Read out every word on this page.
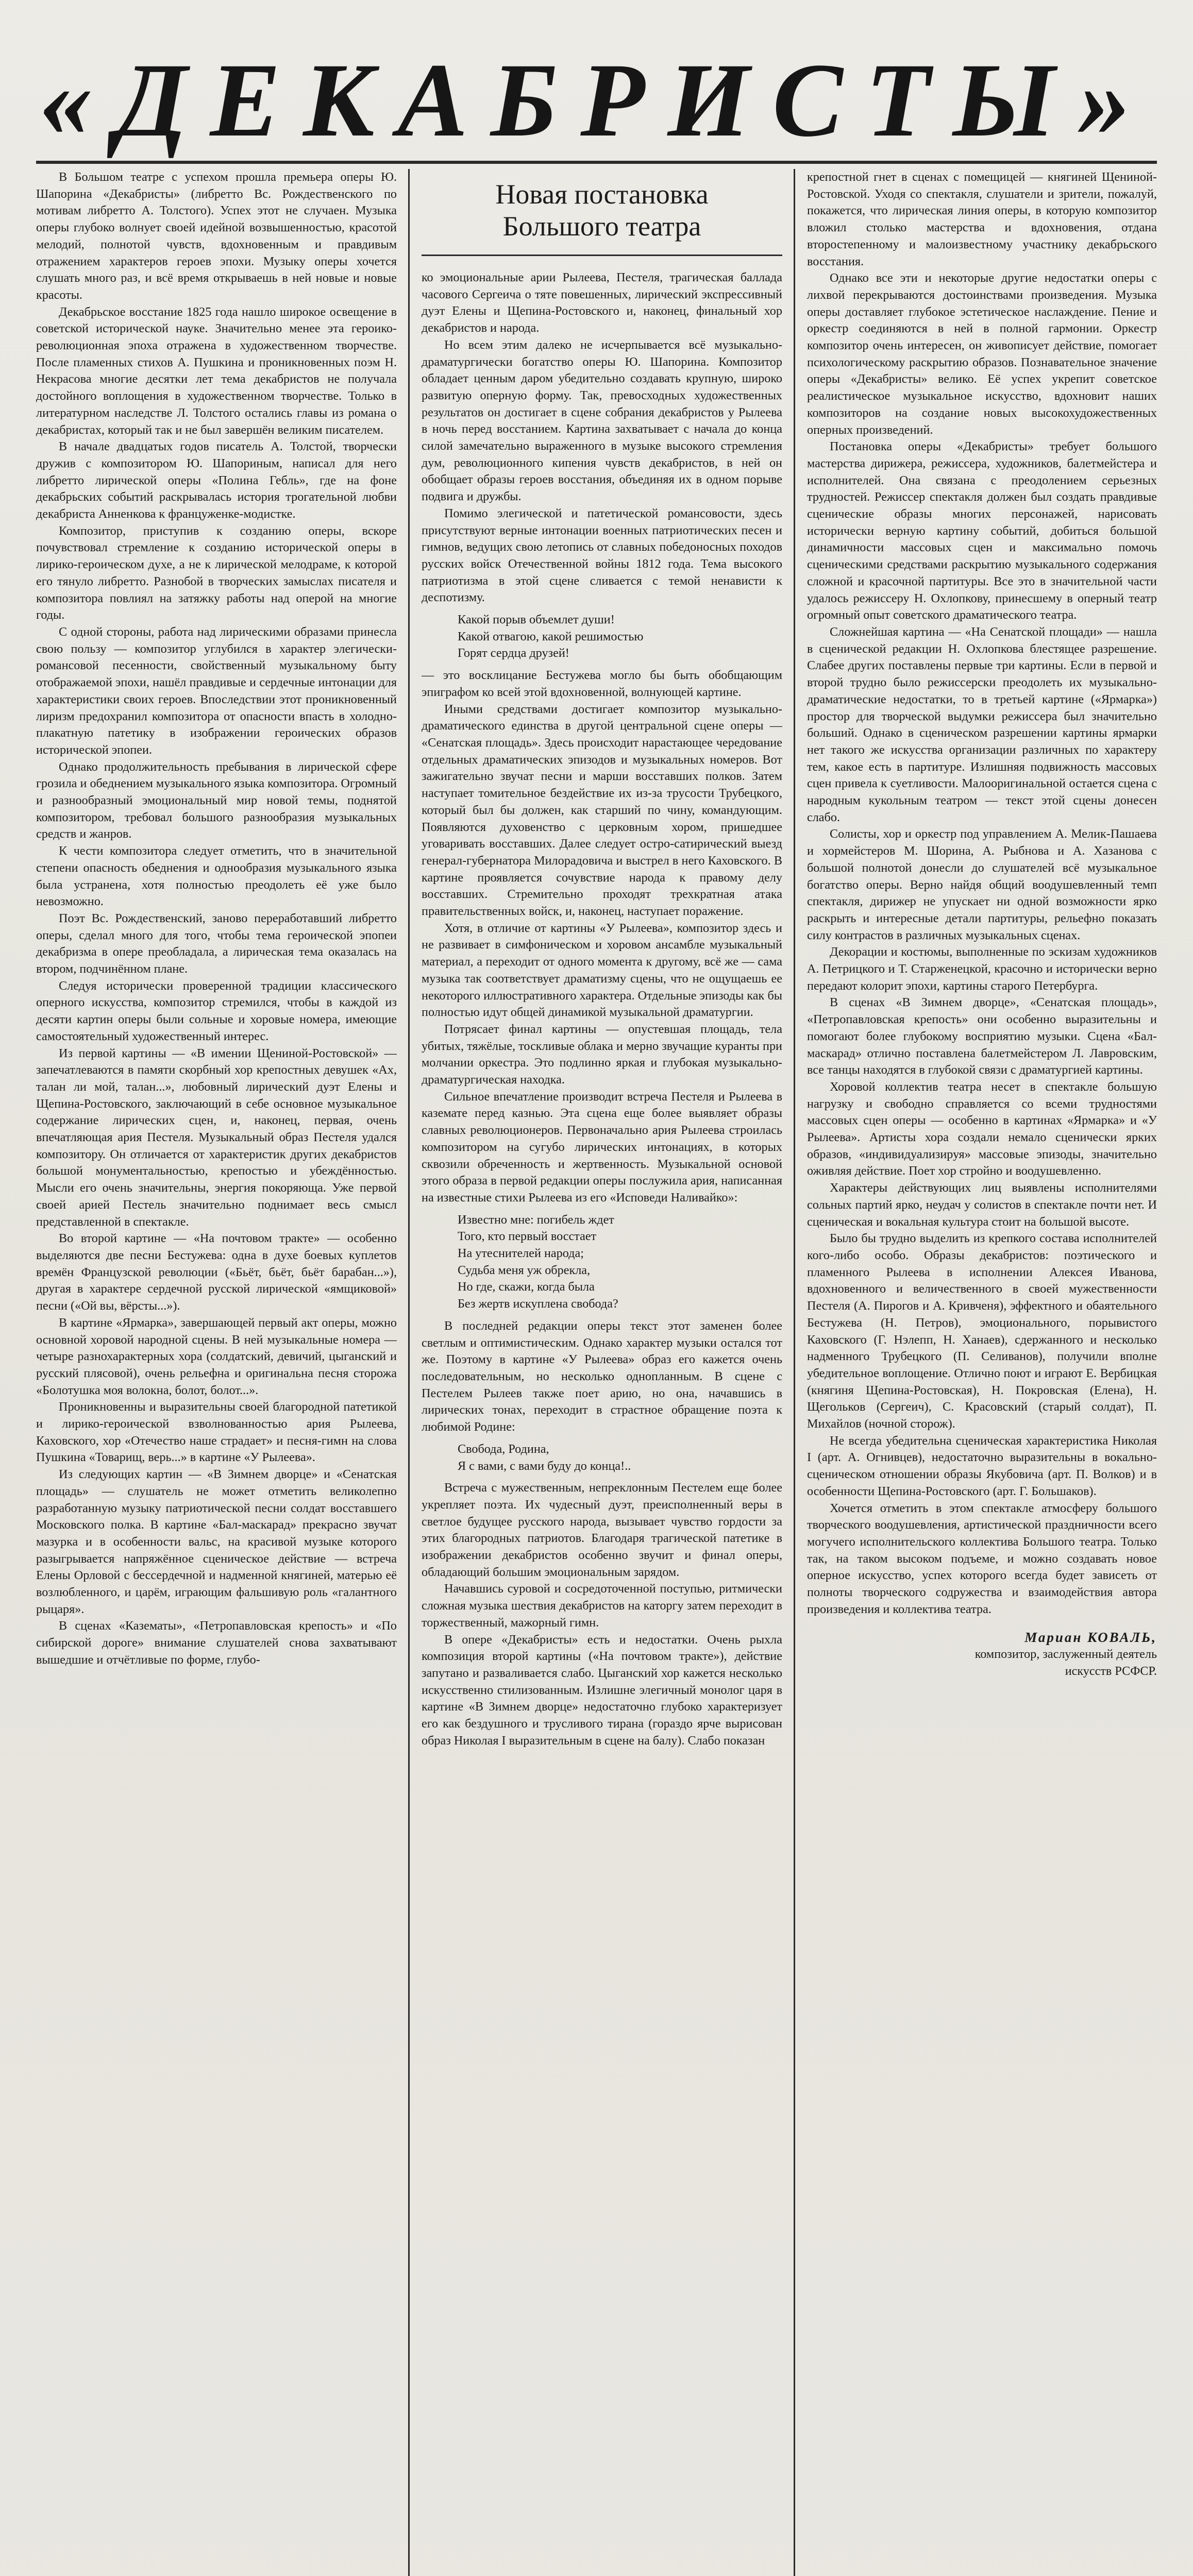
«ДЕКАБРИСТЫ»

В Большом театре с успехом прошла премьера оперы Ю. Шапорина «Декабристы» (либретто Вс. Рождественского по мотивам либретто А. Толстого). Успех этот не случаен. Музыка оперы глубоко волнует своей идейной возвышенностью, красотой мелодий, полнотой чувств, вдохновенным и правдивым отражением характеров героев эпохи. Музыку оперы хочется слушать много раз, и всё время открываешь в ней новые и новые красоты.

Декабрьское восстание 1825 года нашло широкое освещение в советской исторической науке. Значительно менее эта героико-революционная эпоха отражена в художественном творчестве. После пламенных стихов А. Пушкина и проникновенных поэм Н. Некрасова многие десятки лет тема декабристов не получала достойного воплощения в художественном творчестве. Только в литературном наследстве Л. Толстого остались главы из романа о декабристах, который так и не был завершён великим писателем.

В начале двадцатых годов писатель А. Толстой, творчески дружив с композитором Ю. Шапориным, написал для него либретто лирической оперы «Полина Гебль», где на фоне декабрьских событий раскрывалась история трогательной любви декабриста Анненкова к француженке-модистке.

Композитор, приступив к созданию оперы, вскоре почувствовал стремление к созданию исторической оперы в лирико-героическом духе, а не к лирической мелодраме, к которой его тянуло либретто. Разнобой в творческих замыслах писателя и композитора повлиял на затяжку работы над оперой на многие годы.

С одной стороны, работа над лирическими образами принесла свою пользу — композитор углубился в характер элегически-романсовой песенности, свойственный музыкальному быту отображаемой эпохи, нашёл правдивые и сердечные интонации для характеристики своих героев. Впоследствии этот проникновенный лиризм предохранил композитора от опасности впасть в холодно-плакатную патетику в изображении героических образов исторической эпопеи.

Однако продолжительность пребывания в лирической сфере грозила и обеднением музыкального языка композитора. Огромный и разнообразный эмоциональный мир новой темы, поднятой композитором, требовал большого разнообразия музыкальных средств и жанров.

К чести композитора следует отметить, что в значительной степени опасность обеднения и однообразия музыкального языка была устранена, хотя полностью преодолеть её уже было невозможно.

Поэт Вс. Рождественский, заново переработавший либретто оперы, сделал много для того, чтобы тема героической эпопеи декабризма в опере преобладала, а лирическая тема оказалась на втором, подчинённом плане.

Следуя исторически проверенной традиции классического оперного искусства, композитор стремился, чтобы в каждой из десяти картин оперы были сольные и хоровые номера, имеющие самостоятельный художественный интерес.

Из первой картины — «В имении Щениной-Ростовской» — запечатлеваются в памяти скорбный хор крепостных девушек «Ах, талан ли мой, талан...», любовный лирический дуэт Елены и Щепина-Ростовского, заключающий в себе основное музыкальное содержание лирических сцен, и, наконец, первая, очень впечатляющая ария Пестеля. Музыкальный образ Пестеля удался композитору. Он отличается от характеристик других декабристов большой монументальностью, крепостью и убеждённостью. Мысли его очень значительны, энергия покоряюща. Уже первой своей арией Пестель значительно поднимает весь смысл представленной в спектакле.

Во второй картине — «На почтовом тракте» — особенно выделяются две песни Бестужева: одна в духе боевых куплетов времён Французской революции («Бьёт, бьёт, бьёт барабан...»), другая в характере сердечной русской лирической «ямщиковой» песни («Ой вы, вёрсты...»).

В картине «Ярмарка», завершающей первый акт оперы, можно основной хоровой народной сцены. В ней музыкальные номера — четыре разнохарактерных хора (солдатский, девичий, цыганский и русский плясовой), очень рельефна и оригинальна песня сторожа «Болотушка моя волокна, болот, болот...».

Проникновенны и выразительны своей благородной патетикой и лирико-героической взволнованностью ария Рылеева, Каховского, хор «Отечество наше страдает» и песня-гимн на слова Пушкина «Товарищ, верь...» в картине «У Рылеева».

Из следующих картин — «В Зимнем дворце» и «Сенатская площадь» — слушатель не может отметить великолепно разработанную музыку патриотической песни солдат восставшего Московского полка. В картине «Бал-маскарад» прекрасно звучат мазурка и в особенности вальс, на красивой музыке которого разыгрывается напряжённое сценическое действие — встреча Елены Орловой с бессердечной и надменной княгиней, матерью её возлюбленного, и царём, играющим фальшивую роль «галантного рыцаря».

В сценах «Казематы», «Петропавловская крепость» и «По сибирской дороге» внимание слушателей снова захватывают вышедшие и отчётливые по форме, глубо-

Новая постановка
Большого театра

ко эмоциональные арии Рылеева, Пестеля, трагическая баллада часового Сергеича о тяте повешенных, лирический экспрессивный дуэт Елены и Щепина-Ростовского и, наконец, финальный хор декабристов и народа.

Но всем этим далеко не исчерпывается всё музыкально-драматургически богатство оперы Ю. Шапорина. Композитор обладает ценным даром убедительно создавать крупную, широко развитую оперную форму. Так, превосходных художественных результатов он достигает в сцене собрания декабристов у Рылеева в ночь перед восстанием. Картина захватывает с начала до конца силой замечательно выраженного в музыке высокого стремления дум, революционного кипения чувств декабристов, в ней он обобщает образы героев восстания, объединяя их в одном порыве подвига и дружбы.

Помимо элегической и патетической романсовости, здесь присутствуют верные интонации военных патриотических песен и гимнов, ведущих свою летопись от славных победоносных походов русских войск Отечественной войны 1812 года. Тема высокого патриотизма в этой сцене сливается с темой ненависти к деспотизму.

Какой порыв объемлет души!
Какой отвагою, какой решимостью
Горят сердца друзей!

— это восклицание Бестужева могло бы быть обобщающим эпиграфом ко всей этой вдохновенной, волнующей картине.

Иными средствами достигает композитор музыкально-драматического единства в другой центральной сцене оперы — «Сенатская площадь». Здесь происходит нарастающее чередование отдельных драматических эпизодов и музыкальных номеров. Вот зажигательно звучат песни и марши восставших полков. Затем наступает томительное бездействие их из-за трусости Трубецкого, который был бы должен, как старший по чину, командующим. Появляются духовенство с церковным хором, пришедшее уговаривать восставших. Далее следует остро-сатирический выезд генерал-губернатора Милорадовича и выстрел в него Каховского. В картине проявляется сочувствие народа к правому делу восставших. Стремительно проходят трехкратная атака правительственных войск, и, наконец, наступает поражение.

Хотя, в отличие от картины «У Рылеева», композитор здесь и не развивает в симфоническом и хоровом ансамбле музыкальный материал, а переходит от одного момента к другому, всё же — сама музыка так соответствует драматизму сцены, что не ощущаешь ее некоторого иллюстративного характера. Отдельные эпизоды как бы полностью идут общей динамикой музыкальной драматургии.

Потрясает финал картины — опустевшая площадь, тела убитых, тяжёлые, тоскливые облака и мерно звучащие куранты при молчании оркестра. Это подлинно яркая и глубокая музыкально-драматургическая находка.

Сильное впечатление производит встреча Пестеля и Рылеева в каземате перед казнью. Эта сцена еще более выявляет образы славных революционеров. Первоначально ария Рылеева строилась композитором на сугубо лирических интонациях, в которых сквозили обреченность и жертвенность. Музыкальной основой этого образа в первой редакции оперы послужила ария, написанная на известные стихи Рылеева из его «Исповеди Наливайко»:

Известно мне: погибель ждет
Того, кто первый восстает
На утеснителей народа;
Судьба меня уж обрекла,
Но где, скажи, когда была
Без жертв искуплена свобода?

В последней редакции оперы текст этот заменен более светлым и оптимистическим. Однако характер музыки остался тот же. Поэтому в картине «У Рылеева» образ его кажется очень последовательным, но несколько однопланным. В сцене с Пестелем Рылеев также поет арию, но она, начавшись в лирических тонах, переходит в страстное обращение поэта к любимой Родине:

Свобода, Родина,
Я с вами, с вами буду до конца!..

Встреча с мужественным, непреклонным Пестелем еще более укрепляет поэта. Их чудесный дуэт, преисполненный веры в светлое будущее русского народа, вызывает чувство гордости за этих благородных патриотов. Благодаря трагической патетике в изображении декабристов особенно звучит и финал оперы, обладающий большим эмоциональным зарядом.

Начавшись суровой и сосредоточенной поступью, ритмически сложная музыка шествия декабристов на каторгу затем переходит в торжественный, мажорный гимн.

В опере «Декабристы» есть и недостатки. Очень рыхла композиция второй картины («На почтовом тракте»), действие запутано и разваливается слабо. Цыганский хор кажется несколько искусственно стилизованным. Излишне элегичный монолог царя в картине «В Зимнем дворце» недостаточно глубоко характеризует его как бездушного и трусливого тирана (гораздо ярче вырисован образ Николая I выразительным в сцене на балу). Слабо показан

крепостной гнет в сценах с помещицей — княгиней Щениной-Ростовской. Уходя со спектакля, слушатели и зрители, пожалуй, покажется, что лирическая линия оперы, в которую композитор вложил столько мастерства и вдохновения, отдана второстепенному и малоизвестному участнику декабрьского восстания.

Однако все эти и некоторые другие недостатки оперы с лихвой перекрываются достоинствами произведения. Музыка оперы доставляет глубокое эстетическое наслаждение. Пение и оркестр соединяются в ней в полной гармонии. Оркестр композитор очень интересен, он живописует действие, помогает психологическому раскрытию образов. Познавательное значение оперы «Декабристы» велико. Её успех укрепит советское реалистическое музыкальное искусство, вдохновит наших композиторов на создание новых высокохудожественных оперных произведений.

Постановка оперы «Декабристы» требует большого мастерства дирижера, режиссера, художников, балетмейстера и исполнителей. Она связана с преодолением серьезных трудностей. Режиссер спектакля должен был создать правдивые сценические образы многих персонажей, нарисовать исторически верную картину событий, добиться большой динамичности массовых сцен и максимально помочь сценическими средствами раскрытию музыкального содержания сложной и красочной партитуры. Все это в значительной части удалось режиссеру Н. Охлопкову, принесшему в оперный театр огромный опыт советского драматического театра.

Сложнейшая картина — «На Сенатской площади» — нашла в сценической редакции Н. Охлопкова блестящее разрешение. Слабее других поставлены первые три картины. Если в первой и второй трудно было режиссерски преодолеть их музыкально-драматические недостатки, то в третьей картине («Ярмарка») простор для творческой выдумки режиссера был значительно больший. Однако в сценическом разрешении картины ярмарки нет такого же искусства организации различных по характеру тем, какое есть в партитуре. Излишняя подвижность массовых сцен привела к суетливости. Малооригинальной остается сцена с народным кукольным театром — текст этой сцены донесен слабо.

Солисты, хор и оркестр под управлением А. Мелик-Пашаева и хормейстеров М. Шорина, А. Рыбнова и А. Хазанова с большой полнотой донесли до слушателей всё музыкальное богатство оперы. Верно найдя общий воодушевленный темп спектакля, дирижер не упускает ни одной возможности ярко раскрыть и интересные детали партитуры, рельефно показать силу контрастов в различных музыкальных сценах.

Декорации и костюмы, выполненные по эскизам художников А. Петрицкого и Т. Старженецкой, красочно и исторически верно передают колорит эпохи, картины старого Петербурга.

В сценах «В Зимнем дворце», «Сенатская площадь», «Петропавловская крепость» они особенно выразительны и помогают более глубокому восприятию музыки. Сцена «Бал-маскарад» отлично поставлена балетмейстером Л. Лавровским, все танцы находятся в глубокой связи с драматургией картины.

Хоровой коллектив театра несет в спектакле большую нагрузку и свободно справляется со всеми трудностями массовых сцен оперы — особенно в картинах «Ярмарка» и «У Рылеева». Артисты хора создали немало сценически ярких образов, «индивидуализируя» массовые эпизоды, значительно оживляя действие. Поет хор стройно и воодушевленно.

Характеры действующих лиц выявлены исполнителями сольных партий ярко, неудач у солистов в спектакле почти нет. И сценическая и вокальная культура стоит на большой высоте.

Было бы трудно выделить из крепкого состава исполнителей кого-либо особо. Образы декабристов: поэтического и пламенного Рылеева в исполнении Алексея Иванова, вдохновенного и величественного в своей мужественности Пестеля (А. Пирогов и А. Кривченя), эффектного и обаятельного Бестужева (Н. Петров), эмоционального, порывистого Каховского (Г. Нэлепп, Н. Ханаев), сдержанного и несколько надменного Трубецкого (П. Селиванов), получили вполне убедительное воплощение. Отлично поют и играют Е. Вербицкая (княгиня Щепина-Ростовская), Н. Покровская (Елена), Н. Щегольков (Сергеич), С. Красовский (старый солдат), П. Михайлов (ночной сторож).

Не всегда убедительна сценическая характеристика Николая I (арт. А. Огнивцев), недостаточно выразительны в вокально-сценическом отношении образы Якубовича (арт. П. Волков) и в особенности Щепина-Ростовского (арт. Г. Большаков).

Хочется отметить в этом спектакле атмосферу большого творческого воодушевления, артистической праздничности всего могучего исполнительского коллектива Большого театра. Только так, на таком высоком подъеме, и можно создавать новое оперное искусство, успех которого всегда будет зависеть от полноты творческого содружества и взаимодействия автора произведения и коллектива театра.

Мариан КОВАЛЬ,
композитор, заслуженный деятель
искусств РСФСР.
